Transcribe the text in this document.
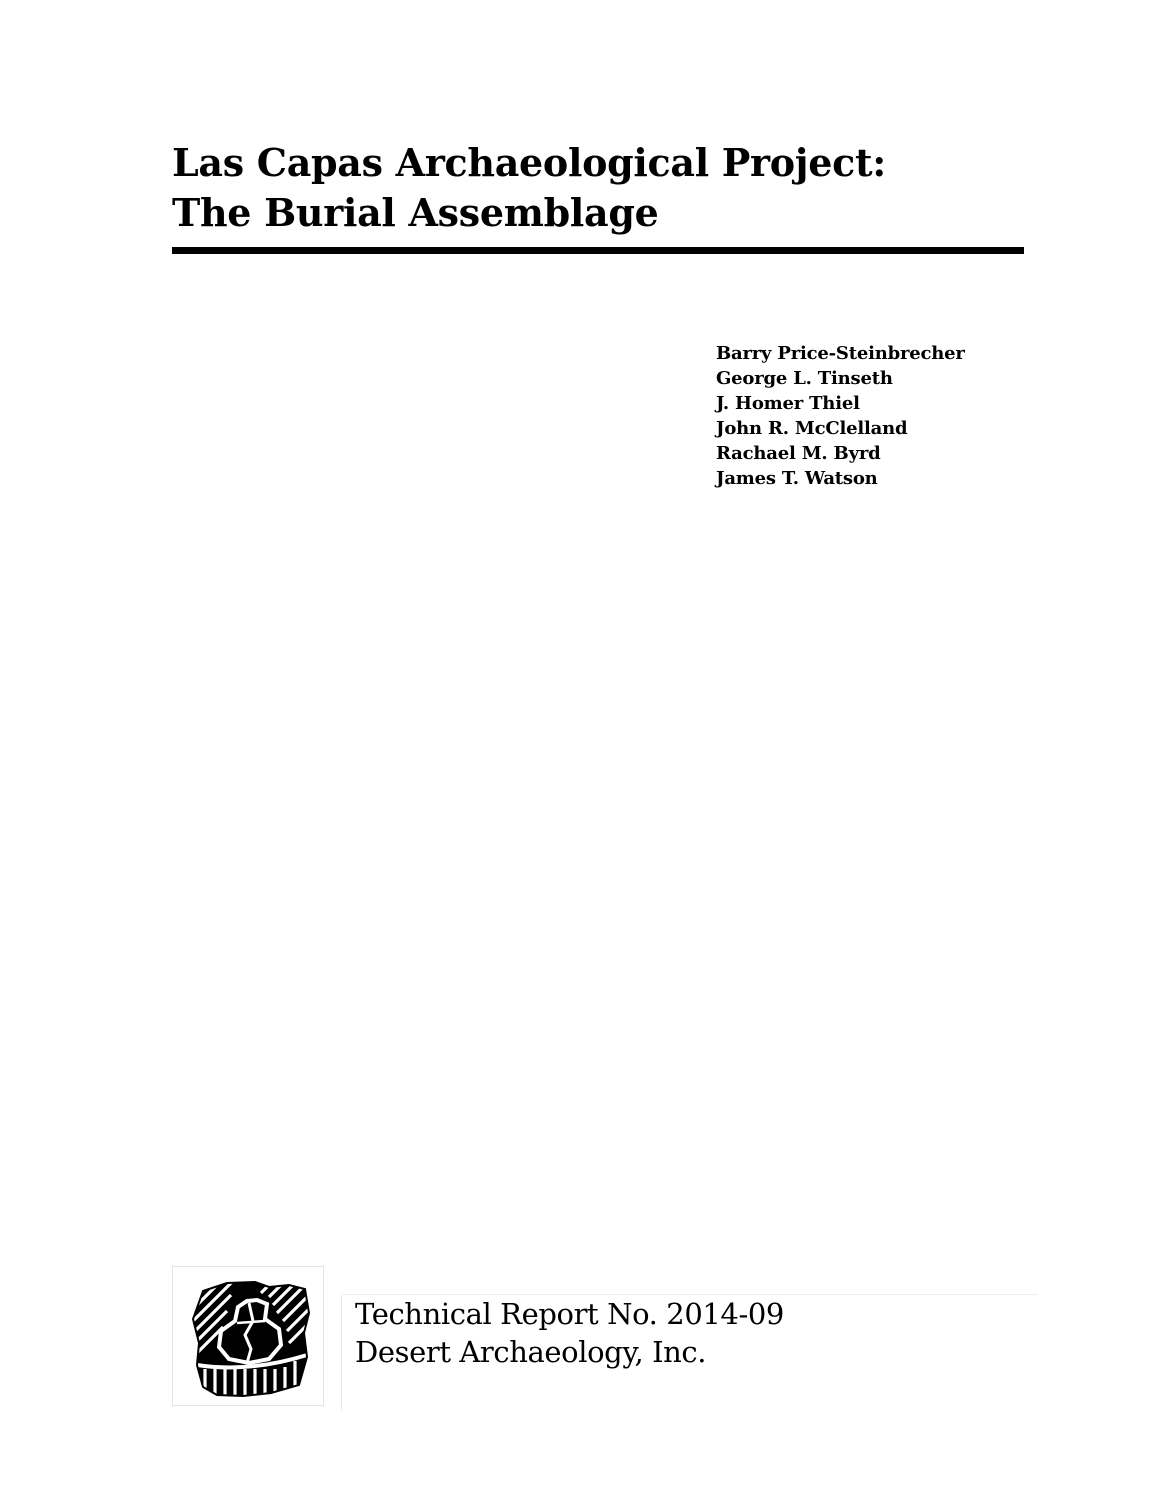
Las Capas Archaeological Project:
The Burial Assemblage
Barry Price-Steinbrecher
George L. Tinseth
J. Homer Thiel
John R. McClelland
Rachael M. Byrd
James T. Watson
Technical Report No. 2014-09
Desert Archaeology, Inc.
